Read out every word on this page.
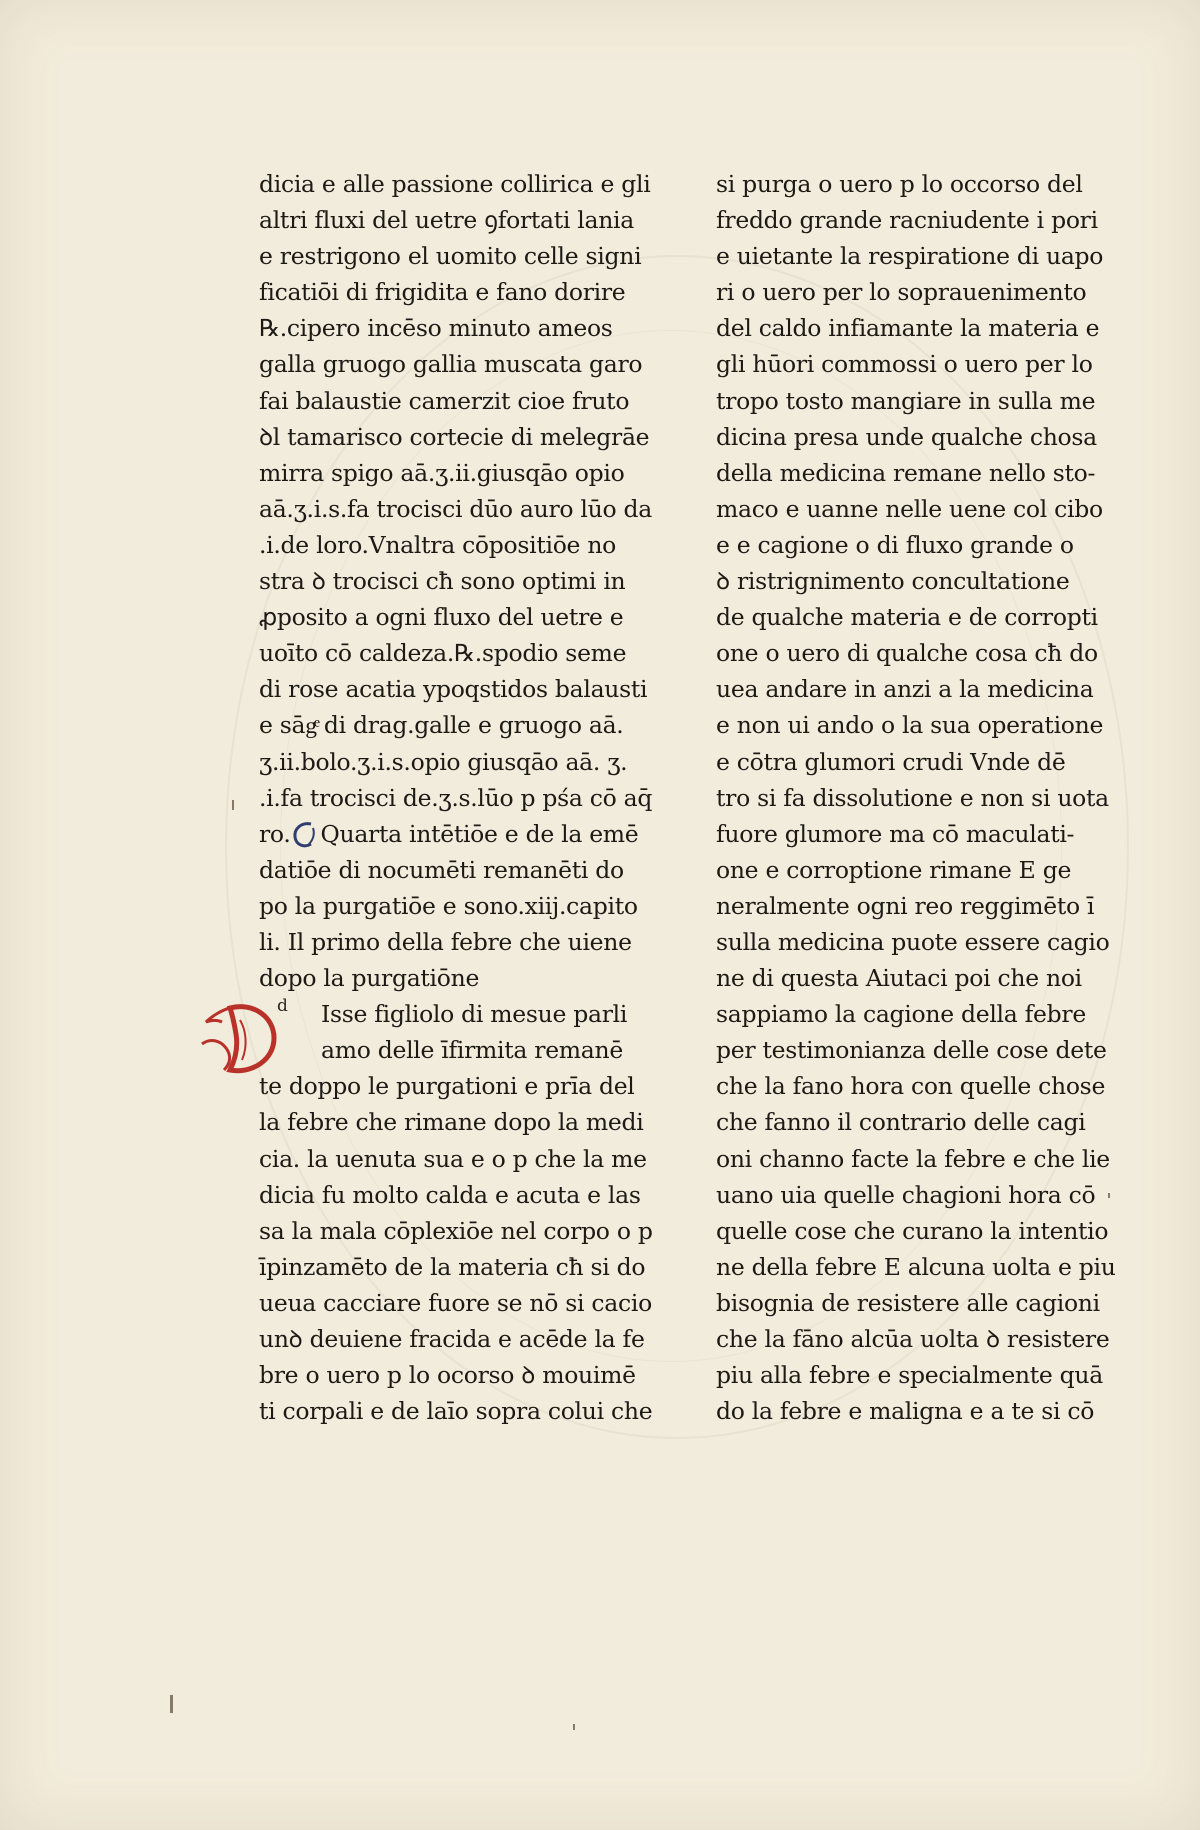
dicia e alle passione collirica e gli
altri fluxi del uetre ꝯfortati lania
e restrigono el uomito celle signi
ficatiōi di frigidita e fano dorire
℞.cipero incēso minuto ameos
galla gruogo gallia muscata garo
fai balaustie camerzit cioe fruto
ꝺl tamarisco cortecie di melegrāe
mirra spigo aā.ʒ.ii.giusqāo opio
aā.ʒ.i.s.fa trocisci dūo auro lūo da
.i.de loro.Vnaltra cōpositiōe no
stra ꝺ trocisci cħ sono optimi in
ꝓposito a ogni fluxo del uetre e
uoīto cō caldeza.℞.spodio seme
di rose acatia ypoqstidos balausti
e sāgͤ di drag.galle e gruogo aā.
ʒ.ii.bolo.ʒ.i.s.opio giusqāo aā. ʒ.
.i.fa trocisci de.ʒ.s.lūo p pśa cō aq̄
ro. Quarta intētiōe e de la emē
datiōe di nocumēti remanēti do
po la purgatiōe e sono.xiij.capito
li. Il primo della febre che uiene
dopo la purgatiōne
Isse figliolo di mesue parli
amo delle īfirmita remanē
te doppo le purgationi e prīa del
la febre che rimane dopo la medi
cia. la uenuta sua e o p che la me
dicia fu molto calda e acuta e las
sa la mala cōplexiōe nel corpo o p
īpinzamēto de la materia cħ si do
ueua cacciare fuore se nō si cacio
unꝺ deuiene fracida e acēde la fe
bre o uero p lo ocorso ꝺ mouimē
ti corpali e de laīo sopra colui che
si purga o uero p lo occorso del
freddo grande racniudente i pori
e uietante la respiratione di uapo
ri o uero per lo soprauenimento
del caldo infiamante la materia e
gli hūori commossi o uero per lo
tropo tosto mangiare in sulla me
dicina presa unde qualche chosa
della medicina remane nello sto-
maco e uanne nelle uene col cibo
e e cagione o di fluxo grande o
ꝺ ristrignimento concultatione
de qualche materia e de corropti
one o uero di qualche cosa cħ do
uea andare in anzi a la medicina
e non ui ando o la sua operatione
e cōtra glumori crudi Vnde dē
tro si fa dissolutione e non si uota
fuore glumore ma cō maculati-
one e corroptione rimane E ge
neralmente ogni reo reggimēto ī
sulla medicina puote essere cagio
ne di questa Aiutaci poi che noi
sappiamo la cagione della febre
per testimonianza delle cose dete
che la fano hora con quelle chose
che fanno il contrario delle cagi
oni channo facte la febre e che lie
uano uia quelle chagioni hora cō
quelle cose che curano la intentio
ne della febre E alcuna uolta e piu
bisognia de resistere alle cagioni
che la fāno alcūa uolta ꝺ resistere
piu alla febre e specialmente quā
do la febre e maligna e a te si cō
d
